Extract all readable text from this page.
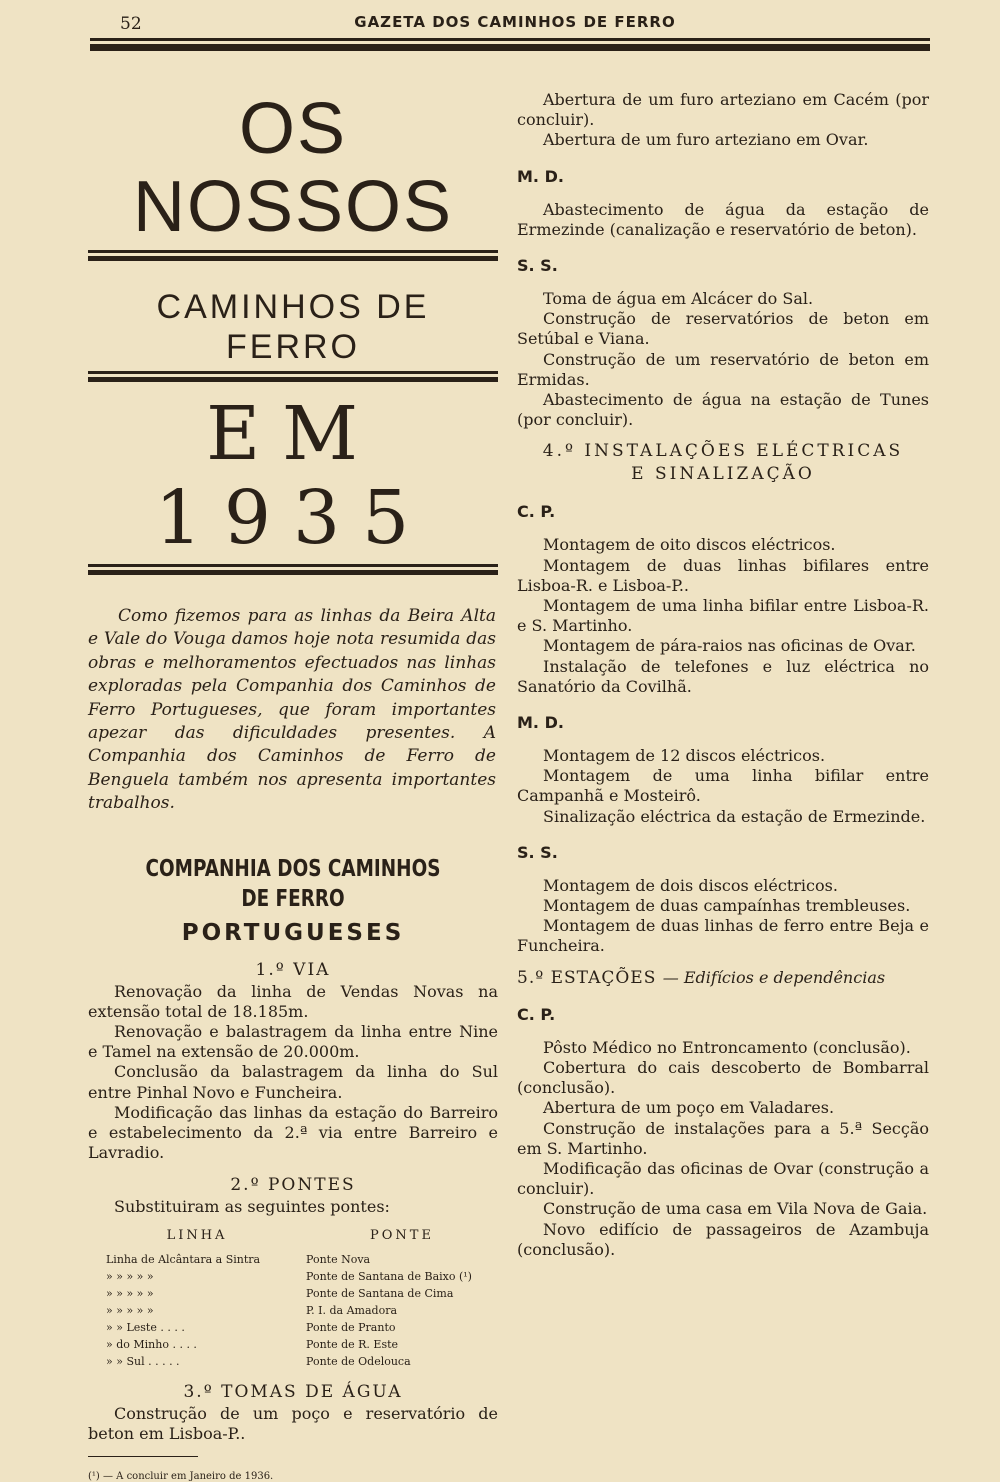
52	GAZETA DOS CAMINHOS DE FERRO
OS NOSSOS
CAMINHOS DE FERRO
EM 1935
Como fizemos para as linhas da Beira Alta e Vale do Vouga damos hoje nota resumida das obras e melhoramentos efectuados nas linhas exploradas pela Companhia dos Caminhos de Ferro Portugueses, que foram importantes apezar das dificuldades presentes. A Companhia dos Caminhos de Ferro de Benguela também nos apresenta importantes trabalhos.
COMPANHIA DOS CAMINHOS DE FERRO
PORTUGUESES
1.º VIA

Renovação da linha de Vendas Novas na extensão total de 18.185m.

Renovação e balastragem da linha entre Nine e Tamel na extensão de 20.000m.

Conclusão da balastragem da linha do Sul entre Pinhal Novo e Funcheira.

Modificação das linhas da estação do Barreiro e estabelecimento da 2.ª via entre Barreiro e Lavradio.

2.º PONTES

Substituiram as seguintes pontes:

LINHA	PONTE
Linha de Alcântara a Sintra	Ponte Nova
» » » » »	Ponte de Santana de Baixo (¹)
» » » » »	Ponte de Santana de Cima
» » » » »	P. I. da Amadora
» » Leste . . . .	Ponte de Pranto
» do Minho . . . .	Ponte de R. Este
» » Sul . . . . .	Ponte de Odelouca
3.º TOMAS DE ÁGUA

Construção de um poço e reservatório de beton em Lisboa-P..

(¹) — A concluir em Janeiro de 1936.

Abertura de um furo arteziano em Cacém (por concluir).

Abertura de um furo arteziano em Ovar.

M. D.

Abastecimento de água da estação de Ermezinde (canalização e reservatório de beton).

S. S.

Toma de água em Alcácer do Sal.

Construção de reservatórios de beton em Setúbal e Viana.

Construção de um reservatório de beton em Ermidas.

Abastecimento de água na estação de Tunes (por concluir).

4.º INSTALAÇÕES ELÉCTRICAS
E SINALIZAÇÃO
C. P.

Montagem de oito discos eléctricos.

Montagem de duas linhas bifilares entre Lisboa-R. e Lisboa-P..

Montagem de uma linha bifilar entre Lisboa-R. e S. Martinho.

Montagem de pára-raios nas oficinas de Ovar.

Instalação de telefones e luz eléctrica no Sanatório da Covilhã.

M. D.

Montagem de 12 discos eléctricos.

Montagem de uma linha bifilar entre Campanhã e Mosteirô.

Sinalização eléctrica da estação de Ermezinde.

S. S.

Montagem de dois discos eléctricos.

Montagem de duas campaínhas trembleuses.

Montagem de duas linhas de ferro entre Beja e Funcheira.

5.º ESTAÇÕES — Edifícios e dependências
C. P.

Pôsto Médico no Entroncamento (conclusão).

Cobertura do cais descoberto de Bombarral (conclusão).

Abertura de um poço em Valadares.

Construção de instalações para a 5.ª Secção em S. Martinho.

Modificação das oficinas de Ovar (construção a concluir).

Construção de uma casa em Vila Nova de Gaia.

Novo edifício de passageiros de Azambuja (conclusão).
